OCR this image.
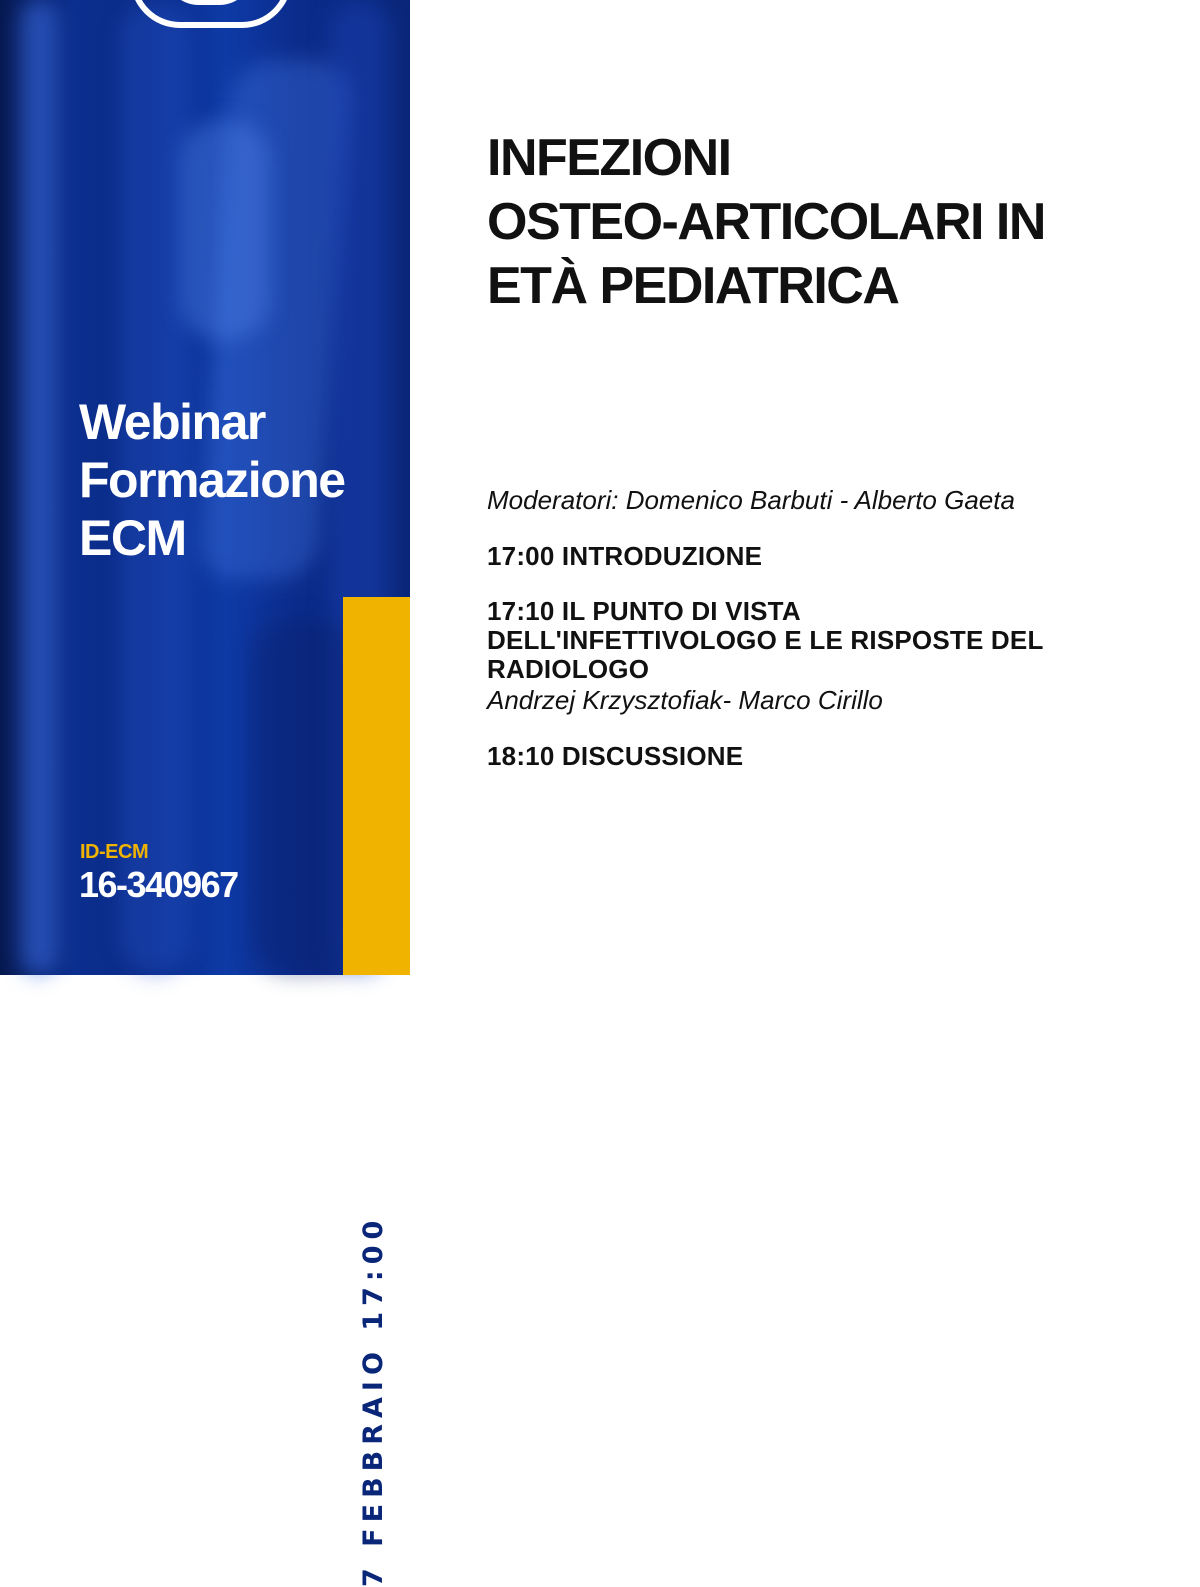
Webinar
Formazione
ECM
ID-ECM
16-340967
7 FEBBRAIO 17:00
INFEZIONI
OSTEO-ARTICOLARI IN
ETÀ PEDIATRICA
Moderatori: Domenico Barbuti - Alberto Gaeta
17:00 INTRODUZIONE
17:10 IL PUNTO DI VISTA
DELL'INFETTIVOLOGO E LE RISPOSTE DEL
RADIOLOGO
Andrzej Krzysztofiak- Marco Cirillo
18:10 DISCUSSIONE
